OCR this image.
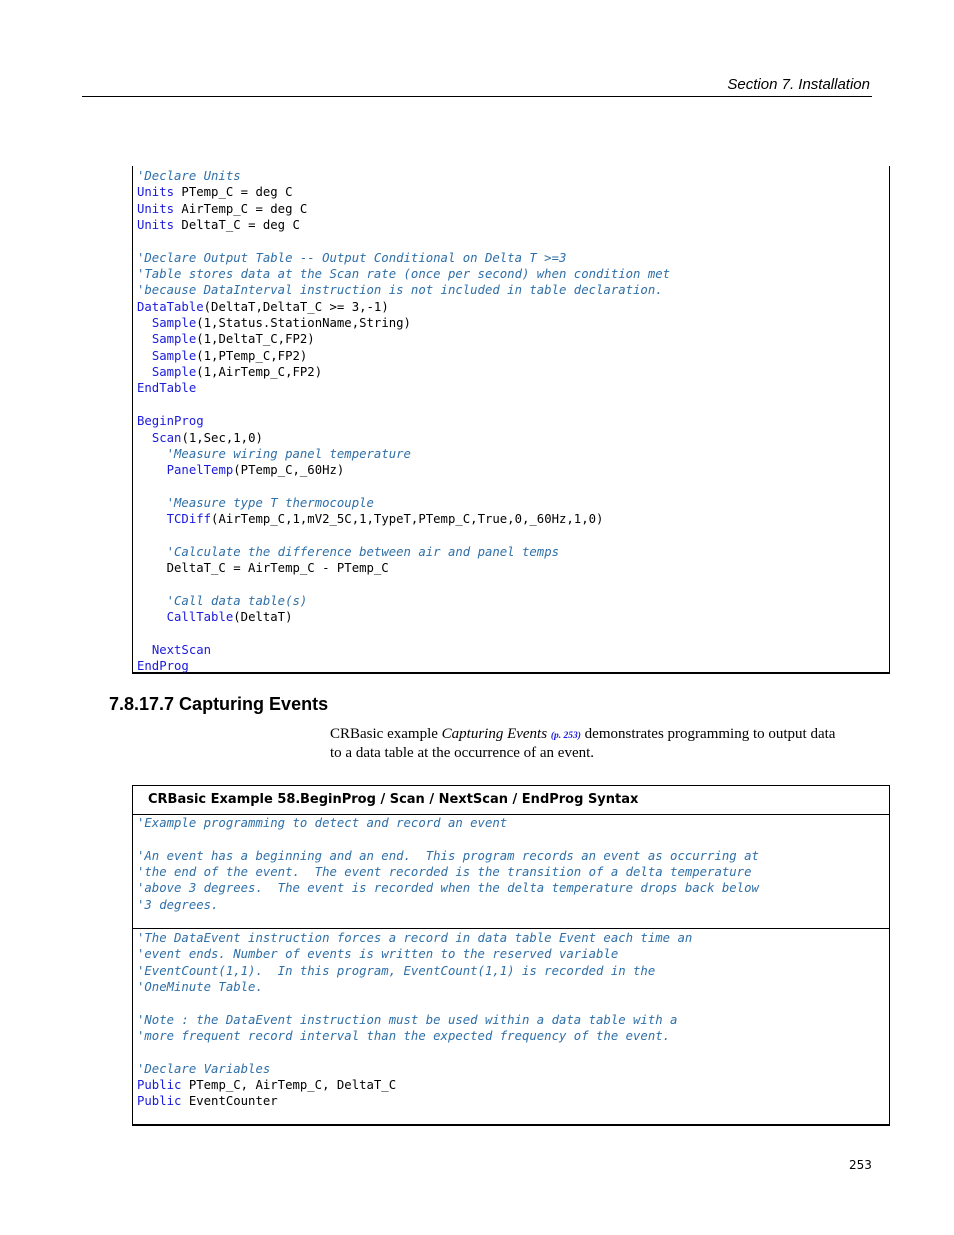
Section 7. Installation
'Declare Units
Units PTemp_C = deg C
Units AirTemp_C = deg C
Units DeltaT_C = deg C

'Declare Output Table -- Output Conditional on Delta T >=3
'Table stores data at the Scan rate (once per second) when condition met
'because DataInterval instruction is not included in table declaration.
DataTable(DeltaT,DeltaT_C >= 3,-1)
Sample(1,Status.StationName,String)
Sample(1,DeltaT_C,FP2)
Sample(1,PTemp_C,FP2)
Sample(1,AirTemp_C,FP2)
EndTable

BeginProg
Scan(1,Sec,1,0)
'Measure wiring panel temperature
PanelTemp(PTemp_C,_60Hz)

'Measure type T thermocouple
TCDiff(AirTemp_C,1,mV2_5C,1,TypeT,PTemp_C,True,0,_60Hz,1,0)

'Calculate the difference between air and panel temps
DeltaT_C = AirTemp_C - PTemp_C

'Call data table(s)
CallTable(DeltaT)

NextScan
EndProg
7.8.17.7 Capturing Events
CRBasic example Capturing Events (p. 253) demonstrates programming to output data to a data table at the occurrence of an event.
CRBasic Example 58. BeginProg / Scan / NextScan / EndProg Syntax
'Example programming to detect and record an event

'An event has a beginning and an end.  This program records an event as occurring at
'the end of the event.  The event recorded is the transition of a delta temperature
'above 3 degrees.  The event is recorded when the delta temperature drops back below
'3 degrees.
'The DataEvent instruction forces a record in data table Event each time an
'event ends. Number of events is written to the reserved variable
'EventCount(1,1).  In this program, EventCount(1,1) is recorded in the
'OneMinute Table.

'Note : the DataEvent instruction must be used within a data table with a
'more frequent record interval than the expected frequency of the event.

'Declare Variables
Public PTemp_C, AirTemp_C, DeltaT_C
Public EventCounter
253
